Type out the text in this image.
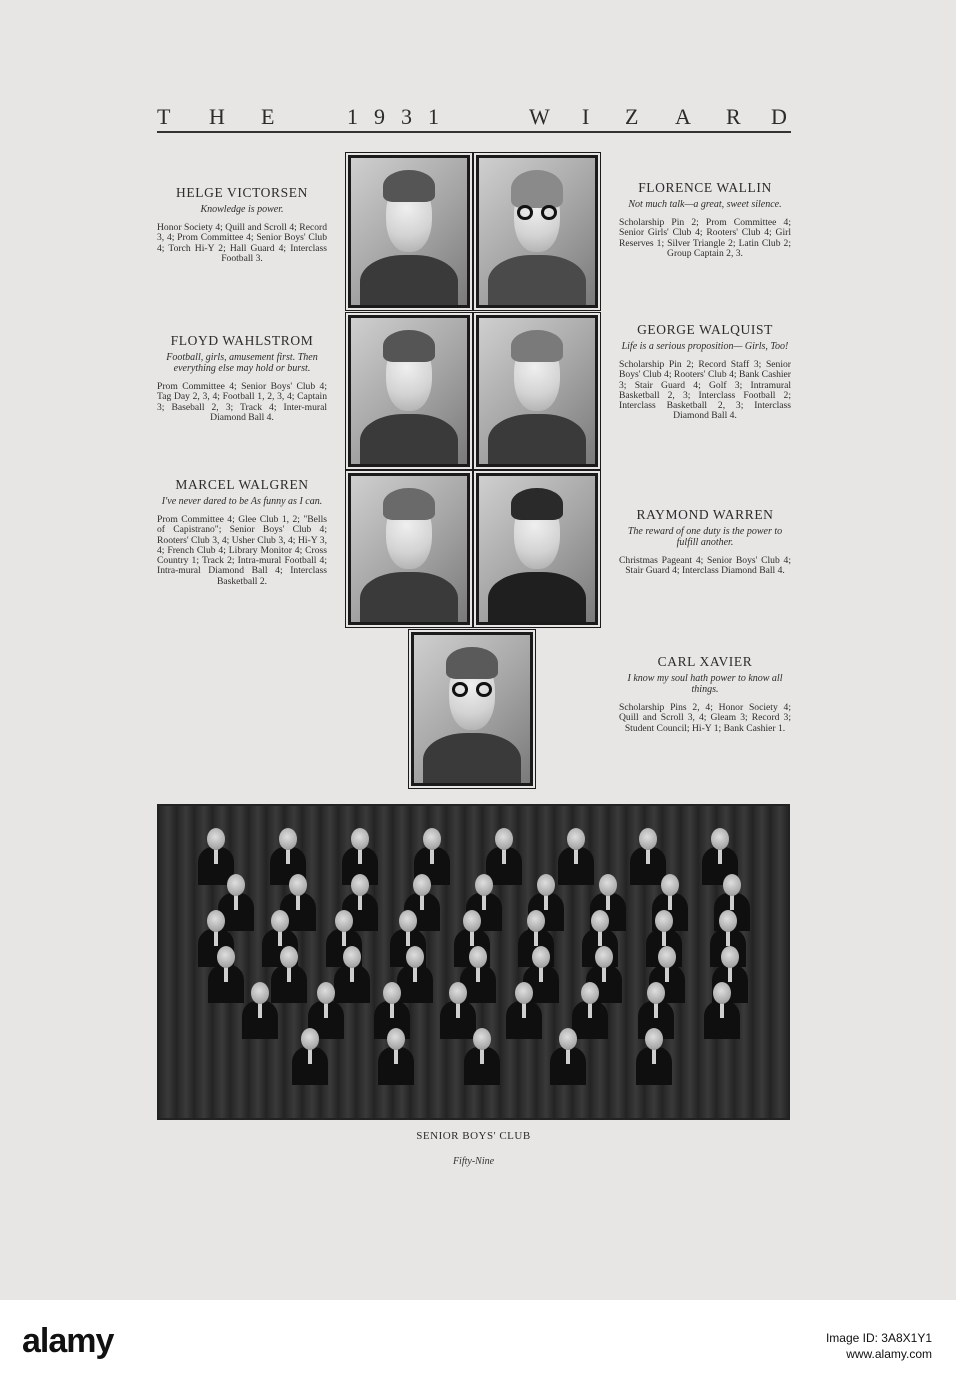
T H E	1 9 3 1	W I Z A R D
HELGE VICTORSEN
Knowledge is power.
Honor Society 4; Quill and Scroll 4; Record 3, 4; Prom Committee 4; Senior Boys' Club 4; Torch Hi-Y 2; Hall Guard 4; Interclass Football 3.
FLOYD WAHLSTROM
Football, girls, amusement first. Then everything else may hold or burst.
Prom Committee 4; Senior Boys' Club 4; Tag Day 2, 3, 4; Football 1, 2, 3, 4; Captain 3; Baseball 2, 3; Track 4; Inter-mural Diamond Ball 4.
MARCEL WALGREN
I've never dared to be As funny as I can.
Prom Committee 4; Glee Club 1, 2; "Bells of Capistrano"; Senior Boys' Club 4; Rooters' Club 3, 4; Usher Club 3, 4; Hi-Y 3, 4; French Club 4; Library Monitor 4; Cross Country 1; Track 2; Intra-mural Football 4; Intra-mural Diamond Ball 4; Interclass Basketball 2.
FLORENCE WALLIN
Not much talk—a great, sweet silence.
Scholarship Pin 2; Prom Committee 4; Senior Girls' Club 4; Rooters' Club 4; Girl Reserves 1; Silver Triangle 2; Latin Club 2; Group Captain 2, 3.
GEORGE WALQUIST
Life is a serious proposition— Girls, Too!
Scholarship Pin 2; Record Staff 3; Senior Boys' Club 4; Rooters' Club 4; Bank Cashier 3; Stair Guard 4; Golf 3; Intramural Basketball 2, 3; Interclass Football 2; Interclass Basketball 2, 3; Interclass Diamond Ball 4.
RAYMOND WARREN
The reward of one duty is the power to fulfill another.
Christmas Pageant 4; Senior Boys' Club 4; Stair Guard 4; Interclass Diamond Ball 4.
CARL XAVIER
I know my soul hath power to know all things.
Scholarship Pins 2, 4; Honor Society 4; Quill and Scroll 3, 4; Gleam 3; Record 3; Student Council; Hi-Y 1; Bank Cashier 1.
SENIOR BOYS' CLUB
Fifty-Nine
alamy	Image ID: 3A8X1Y1
www.alamy.com
